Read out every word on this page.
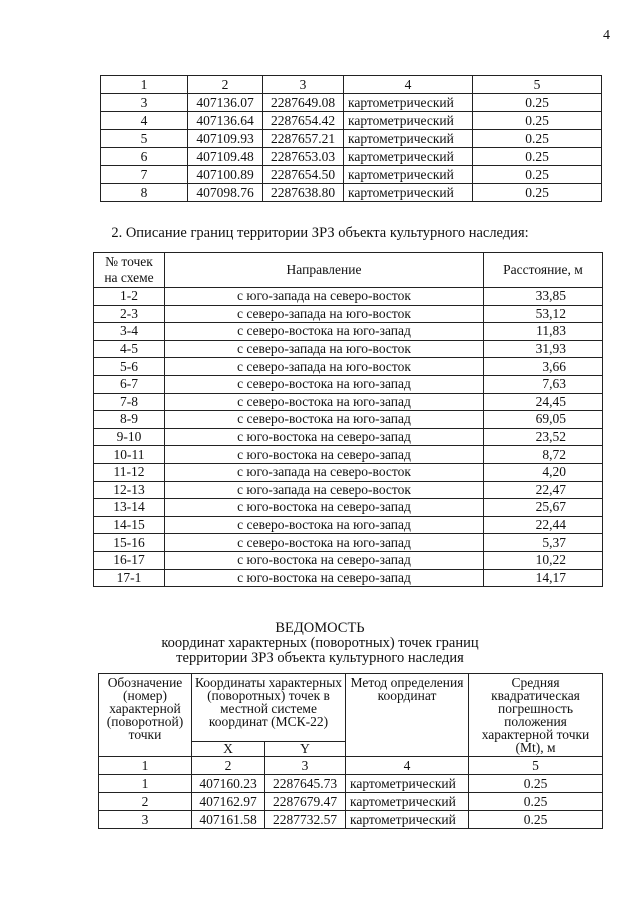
4
1	2	3	4	5
3	407136.07	2287649.08	картометрический	0.25
4	407136.64	2287654.42	картометрический	0.25
5	407109.93	2287657.21	картометрический	0.25
6	407109.48	2287653.03	картометрический	0.25
7	407100.89	2287654.50	картометрический	0.25
8	407098.76	2287638.80	картометрический	0.25
2. Описание границ территории ЗРЗ объекта культурного наследия:
№ точек на схеме	Направление	Расстояние, м
1-2	с юго-запада на северо-восток	33,85
2-3	с северо-запада на юго-восток	53,12
3-4	с северо-востока на юго-запад	11,83
4-5	с северо-запада на юго-восток	31,93
5-6	с северо-запада на юго-восток	3,66
6-7	с северо-востока на юго-запад	7,63
7-8	с северо-востока на юго-запад	24,45
8-9	с северо-востока на юго-запад	69,05
9-10	с юго-востока на северо-запад	23,52
10-11	с юго-востока на северо-запад	8,72
11-12	с юго-запада на северо-восток	4,20
12-13	с юго-запада на северо-восток	22,47
13-14	с юго-востока на северо-запад	25,67
14-15	с северо-востока на юго-запад	22,44
15-16	с северо-востока на юго-запад	5,37
16-17	с юго-востока на северо-запад	10,22
17-1	с юго-востока на северо-запад	14,17
ВЕДОМОСТЬ
координат характерных (поворотных) точек границ
территории ЗРЗ объекта культурного наследия
Обозначение (номер) характерной (поворотной) точки	Координаты характерных (поворотных) точек в местной системе координат (МСК-22)		Метод определения координат	Средняя квадратическая погрешность положения характерной точки (Mt), м
	X	Y		
1	2	3	4	5
1	407160.23	2287645.73	картометрический	0.25
2	407162.97	2287679.47	картометрический	0.25
3	407161.58	2287732.57	картометрический	0.25
